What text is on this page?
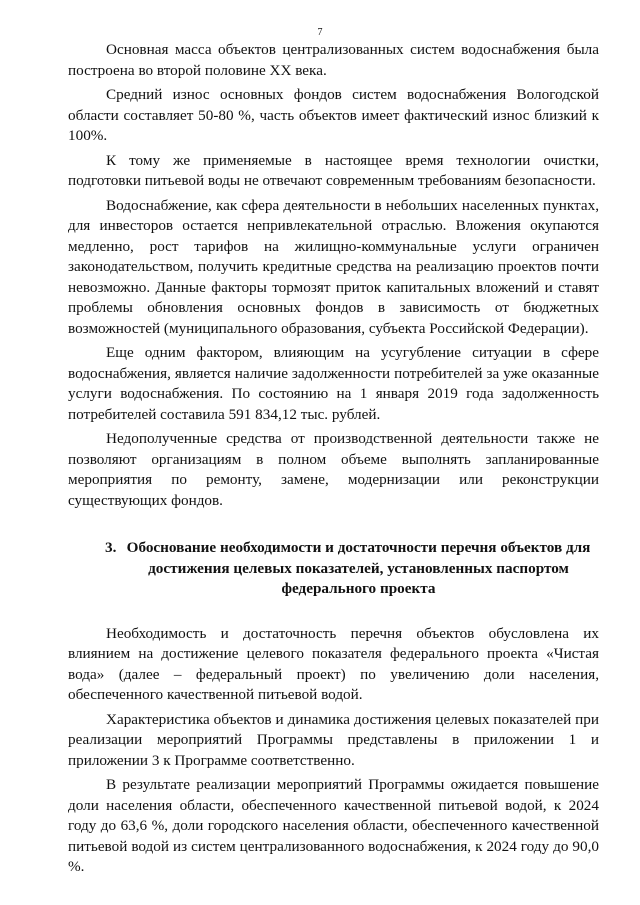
7

Основная масса объектов централизованных систем водоснабжения была построена во второй половине XX века.

Средний износ основных фондов систем водоснабжения Вологодской области составляет 50-80 %, часть объектов имеет фактический износ близкий к 100%.

К тому же применяемые в настоящее время технологии очистки, подготовки питьевой воды не отвечают современным требованиям безопасности.

Водоснабжение, как сфера деятельности в небольших населенных пунктах, для инвесторов остается непривлекательной отраслью. Вложения окупаются медленно, рост тарифов на жилищно-коммунальные услуги ограничен законодательством, получить кредитные средства на реализацию проектов почти невозможно. Данные факторы тормозят приток капитальных вложений и ставят проблемы обновления основных фондов в зависимость от бюджетных возможностей (муниципального образования, субъекта Российской Федерации).

Еще одним фактором, влияющим на усугубление ситуации в сфере водоснабжения, является наличие задолженности потребителей за уже оказанные услуги водоснабжения. По состоянию на 1 января 2019 года задолженность потребителей составила 591 834,12 тыс. рублей.

Недополученные средства от производственной деятельности также не позволяют организациям в полном объеме выполнять запланированные мероприятия по ремонту, замене, модернизации или реконструкции существующих фондов.

3. Обоснование необходимости и достаточности перечня объектов для достижения целевых показателей, установленных паспортом федерального проекта

Необходимость и достаточность перечня объектов обусловлена их влиянием на достижение целевого показателя федерального проекта «Чистая вода» (далее – федеральный проект) по увеличению доли населения, обеспеченного качественной питьевой водой.

Характеристика объектов и динамика достижения целевых показателей при реализации мероприятий Программы представлены в приложении 1 и приложении 3 к Программе соответственно.

В результате реализации мероприятий Программы ожидается повышение доли населения области, обеспеченного качественной питьевой водой, к 2024 году до 63,6 %, доли городского населения области, обеспеченного качественной питьевой водой из систем централизованного водоснабжения, к 2024 году до 90,0 %.
